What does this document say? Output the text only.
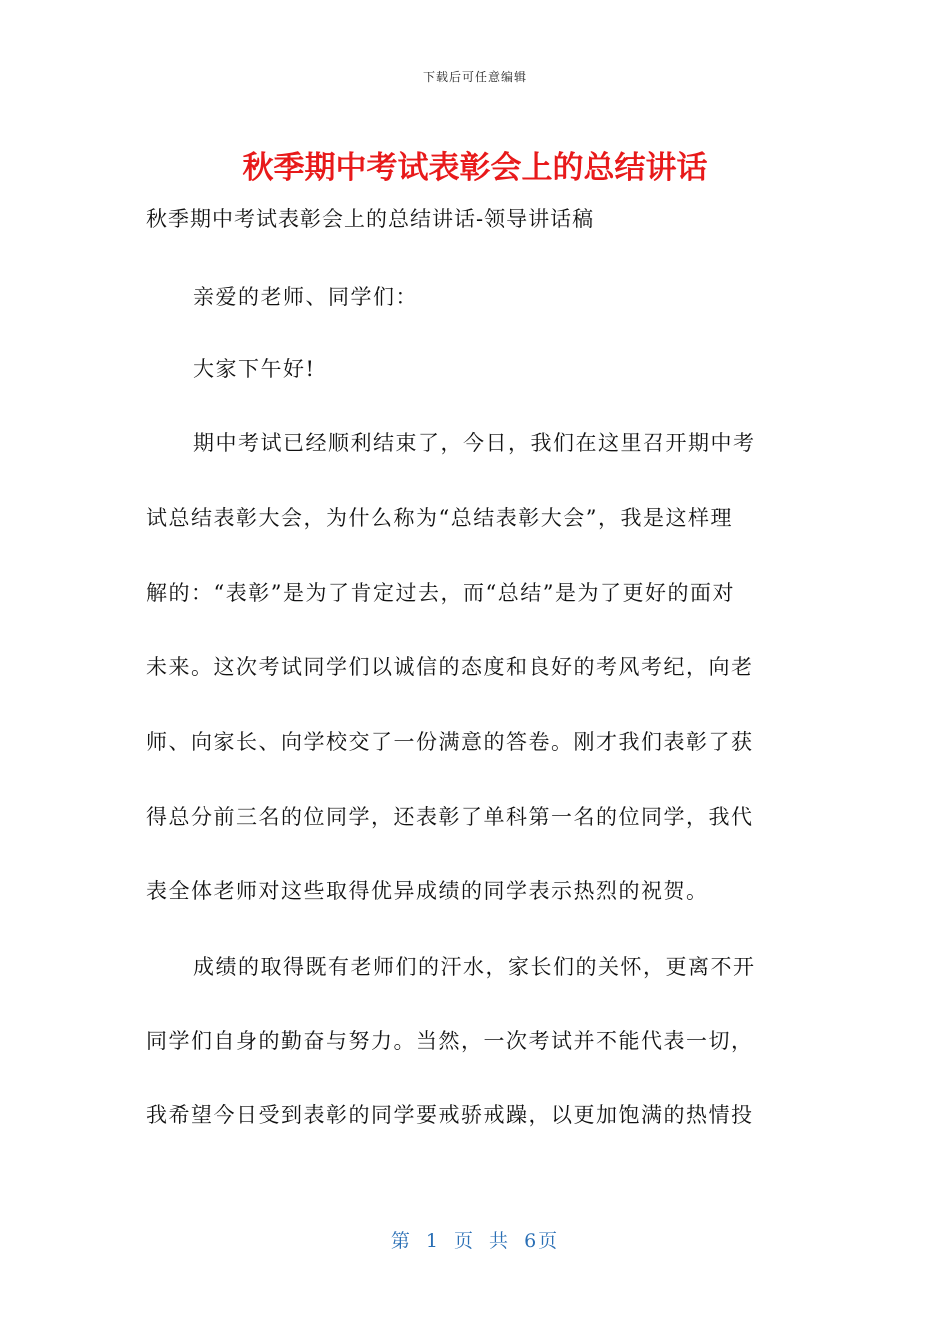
下载后可任意编辑
秋季期中考试表彰会上的总结讲话
秋季期中考试表彰会上的总结讲话-领导讲话稿
亲爱的老师、同学们：
大家下午好!
期中考试已经顺利结束了，今日，我们在这里召开期中考
试总结表彰大会，为什么称为“总结表彰大会”，我是这样理
解的：“表彰”是为了肯定过去，而“总结”是为了更好的面对
未来。这次考试同学们以诚信的态度和良好的考风考纪，向老
师、向家长、向学校交了一份满意的答卷。刚才我们表彰了获
得总分前三名的位同学，还表彰了单科第一名的位同学，我代
表全体老师对这些取得优异成绩的同学表示热烈的祝贺。
成绩的取得既有老师们的汗水，家长们的关怀，更离不开
同学们自身的勤奋与努力。当然，一次考试并不能代表一切，
我希望今日受到表彰的同学要戒骄戒躁，以更加饱满的热情投
第 1 页 共 6页
